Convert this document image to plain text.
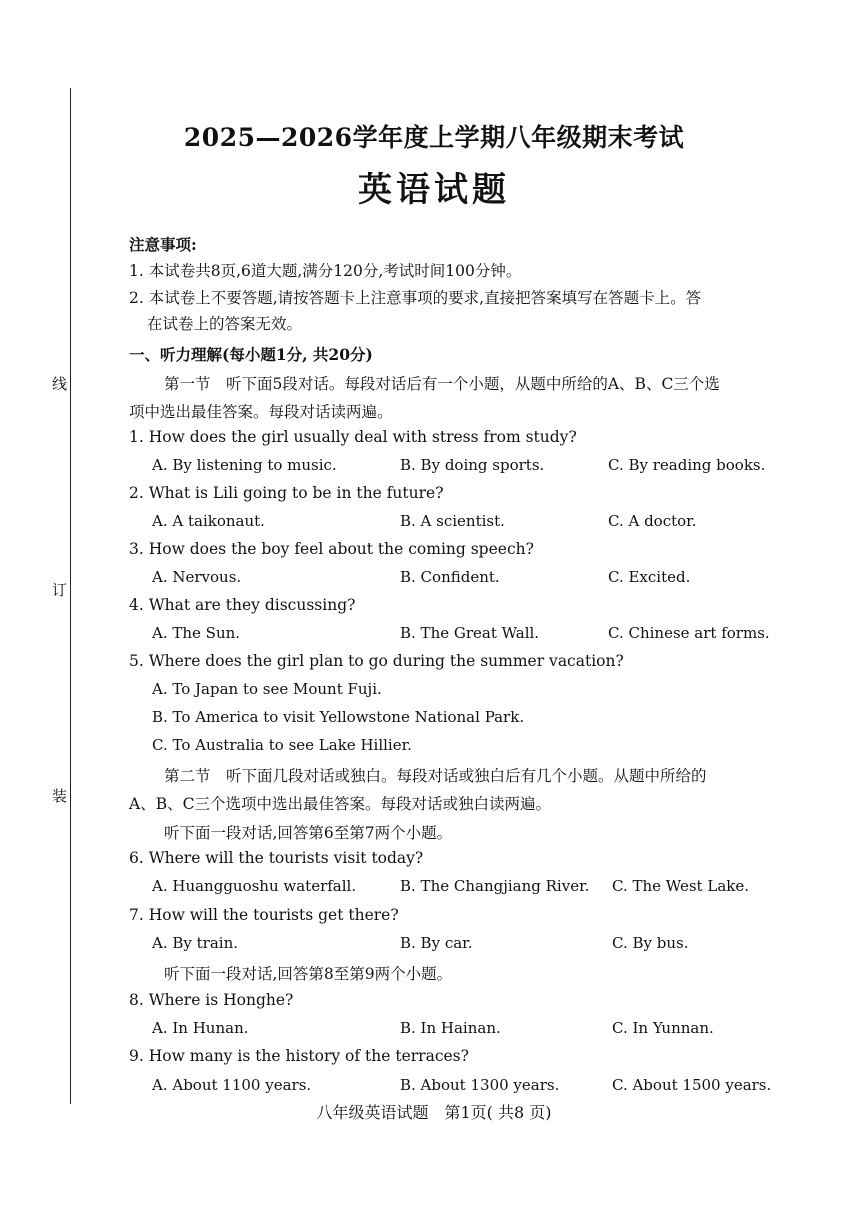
线
订
装
2025—2026学年度上学期八年级期末考试
英语试题
注意事项:
1. 本试卷共8页,6道大题,满分120分,考试时间100分钟。
2. 本试卷上不要答题,请按答题卡上注意事项的要求,直接把答案填写在答题卡上。答
在试卷上的答案无效。
一、听力理解(每小题1分, 共20分)
第一节　听下面5段对话。每段对话后有一个小题，从题中所给的A、B、C三个选
项中选出最佳答案。每段对话读两遍。
1. How does the girl usually deal with stress from study?
A. By listening to music.	B. By doing sports.	C. By reading books.
2. What is Lili going to be in the future?
A. A taikonaut.	B. A scientist.	C. A doctor.
3. How does the boy feel about the coming speech?
A. Nervous.	B. Confident.	C. Excited.
4. What are they discussing?
A. The Sun.	B. The Great Wall.	C. Chinese art forms.
5. Where does the girl plan to go during the summer vacation?
A. To Japan to see Mount Fuji.
B. To America to visit Yellowstone National Park.
C. To Australia to see Lake Hillier.
第二节　听下面几段对话或独白。每段对话或独白后有几个小题。从题中所给的
A、B、C三个选项中选出最佳答案。每段对话或独白读两遍。
听下面一段对话,回答第6至第7两个小题。
6. Where will the tourists visit today?
A. Huangguoshu waterfall.	B. The Changjiang River. C. The West Lake.
7. How will the tourists get there?
A. By train.	B. By car.	C. By bus.
听下面一段对话,回答第8至第9两个小题。
8. Where is Honghe?
A. In Hunan.	B. In Hainan.	C. In Yunnan.
9. How many is the history of the terraces?
A. About 1100 years.	B. About 1300 years.	C. About 1500 years.
八年级英语试题　第1页( 共8 页)
